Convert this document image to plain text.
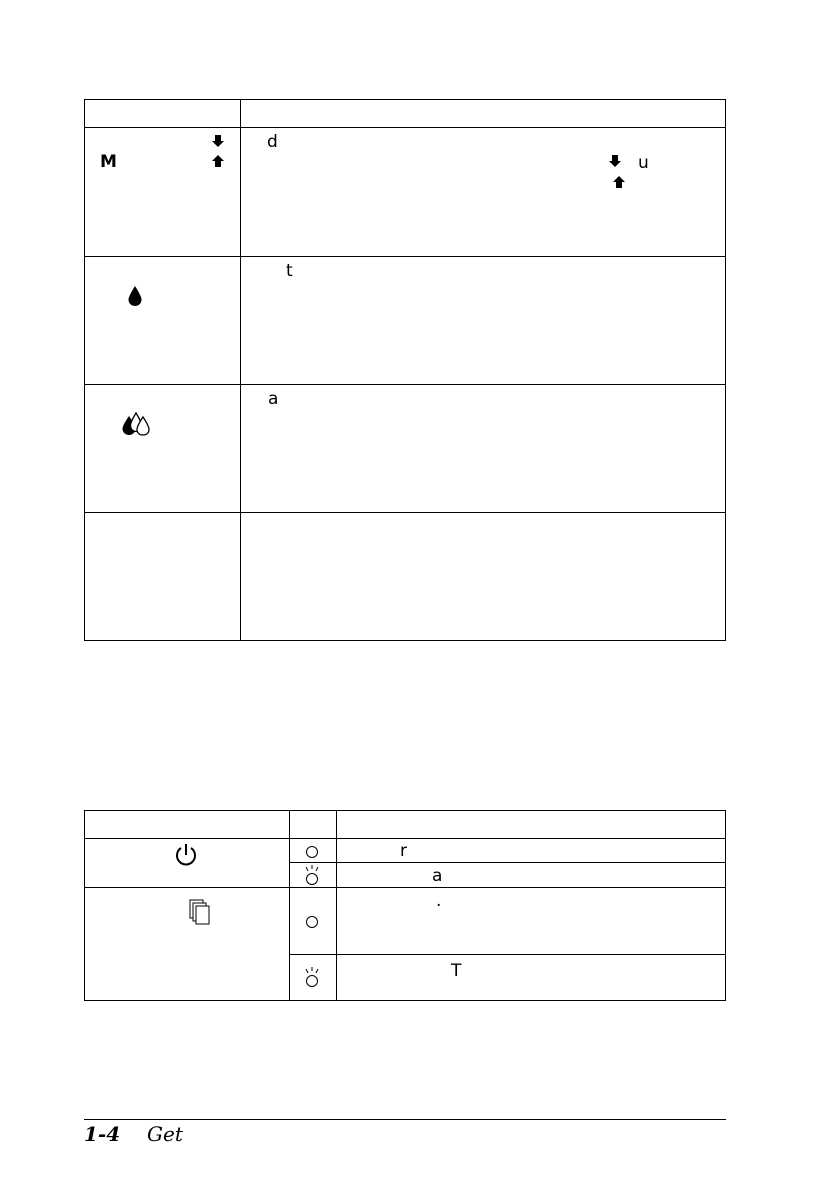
M
d
u
t
a
r
a
.
T
1-4 Get
